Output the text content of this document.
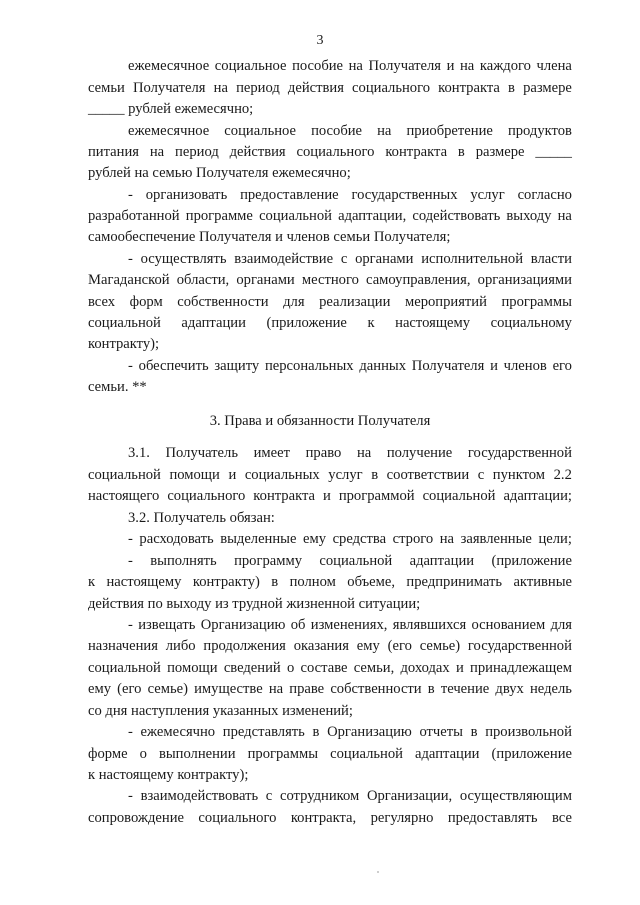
3
ежемесячное социальное пособие на Получателя и на каждого члена
семьи Получателя на период действия социального контракта в размере
_____ рублей ежемесячно;
ежемесячное социальное пособие на приобретение продуктов
питания на период действия социального контракта в размере _____
рублей на семью Получателя ежемесячно;
- организовать предоставление государственных услуг согласно
разработанной программе социальной адаптации, содействовать выходу на
самообеспечение Получателя и членов семьи Получателя;
- осуществлять взаимодействие с органами исполнительной власти
Магаданской области, органами местного самоуправления, организациями
всех форм собственности для реализации мероприятий программы
социальной адаптации (приложение к настоящему социальному
контракту);
- обеспечить защиту персональных данных Получателя и членов его
семьи. **
3. Права и обязанности Получателя
3.1. Получатель имеет право на получение государственной
социальной помощи и социальных услуг в соответствии с пунктом 2.2
настоящего социального контракта и программой социальной адаптации;
3.2. Получатель обязан:
- расходовать выделенные ему средства строго на заявленные цели;
- выполнять программу социальной адаптации (приложение
к настоящему контракту) в полном объеме, предпринимать активные
действия по выходу из трудной жизненной ситуации;
- извещать Организацию об изменениях, являвшихся основанием для
назначения либо продолжения оказания ему (его семье) государственной
социальной помощи сведений о составе семьи, доходах и принадлежащем
ему (его семье) имуществе на праве собственности в течение двух недель
со дня наступления указанных изменений;
- ежемесячно представлять в Организацию отчеты в произвольной
форме о выполнении программы социальной адаптации (приложение
к настоящему контракту);
- взаимодействовать с сотрудником Организации, осуществляющим
сопровождение социального контракта, регулярно предоставлять все
